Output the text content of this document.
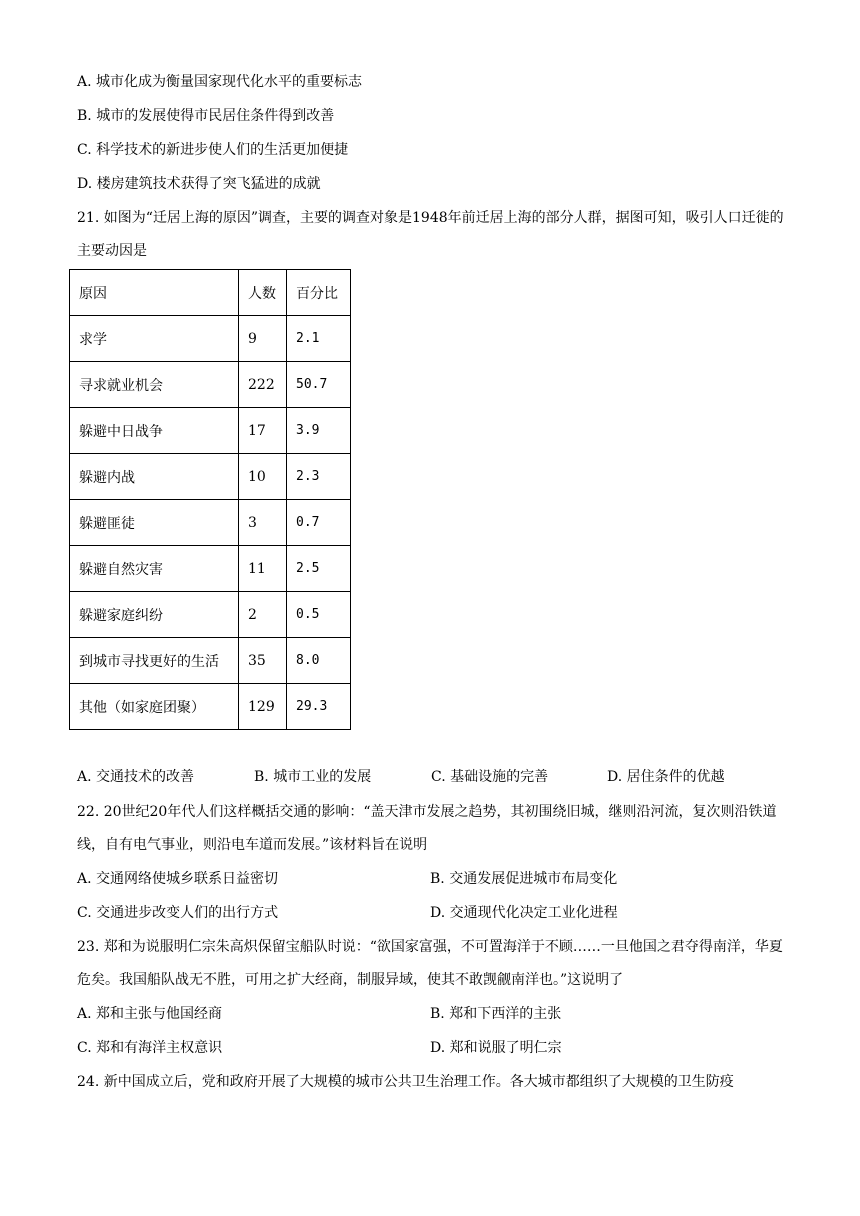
A. 城市化成为衡量国家现代化水平的重要标志
B. 城市的发展使得市民居住条件得到改善
C. 科学技术的新进步使人们的生活更加便捷
D. 楼房建筑技术获得了突飞猛进的成就
21. 如图为“迁居上海的原因”调查，主要的调查对象是1948年前迁居上海的部分人群，据图可知，吸引人口迁徙的主要动因是
原因	人数	百分比
求学	9	2.1
寻求就业机会	222	50.7
躲避中日战争	17	3.9
躲避内战	10	2.3
躲避匪徒	3	0.7
躲避自然灾害	11	2.5
躲避家庭纠纷	2	0.5
到城市寻找更好的生活	35	8.0
其他（如家庭团聚）	129	29.3
A. 交通技术的改善	B. 城市工业的发展	C. 基础设施的完善	D. 居住条件的优越
22. 20世纪20年代人们这样概括交通的影响：“盖天津市发展之趋势，其初围绕旧城，继则沿河流，复次则沿铁道线，自有电气事业，则沿电车道而发展。”该材料旨在说明
A. 交通网络使城乡联系日益密切	B. 交通发展促进城市布局变化
C. 交通进步改变人们的出行方式	D. 交通现代化决定工业化进程
23. 郑和为说服明仁宗朱高炽保留宝船队时说：“欲国家富强，不可置海洋于不顾……一旦他国之君夺得南洋，华夏危矣。我国船队战无不胜，可用之扩大经商，制服异域，使其不敢觊觎南洋也。”这说明了
A. 郑和主张与他国经商	B. 郑和下西洋的主张
C. 郑和有海洋主权意识	D. 郑和说服了明仁宗
24. 新中国成立后，党和政府开展了大规模的城市公共卫生治理工作。各大城市都组织了大规模的卫生防疫
